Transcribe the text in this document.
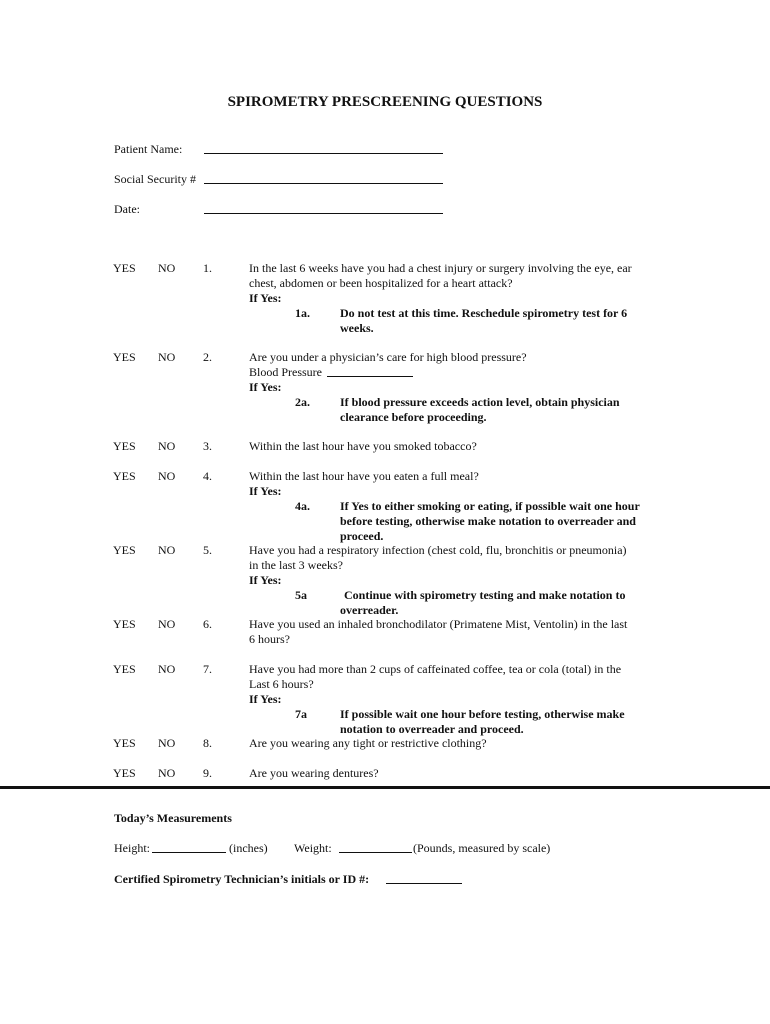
SPIROMETRY PRESCREENING QUESTIONS
Patient Name:
Social Security #
Date:
YES NO 1.	In the last 6 weeks have you had a chest injury or surgery involving the eye, ear
chest, abdomen or been hospitalized for a heart attack?
If Yes:
1a.	Do not test at this time. Reschedule spirometry test for 6
weeks.
YES NO 2.	Are you under a physician’s care for high blood pressure?
Blood Pressure
If Yes:
2a.	If blood pressure exceeds action level, obtain physician
clearance before proceeding.
YES NO 3.	Within the last hour have you smoked tobacco?
YES NO 4.	Within the last hour have you eaten a full meal?
If Yes:
4a.	If Yes to either smoking or eating, if possible wait one hour
before testing, otherwise make notation to overreader and
proceed.
YES NO 5.	Have you had a respiratory infection (chest cold, flu, bronchitis or pneumonia)
in the last 3 weeks?
If Yes:
5a	Continue with spirometry testing and make notation to
overreader.
YES NO 6.	Have you used an inhaled bronchodilator (Primatene Mist, Ventolin) in the last
6 hours?
YES NO 7.	Have you had more than 2 cups of caffeinated coffee, tea or cola (total) in the
Last 6 hours?
If Yes:
7a	If possible wait one hour before testing, otherwise make
notation to overreader and proceed.
YES NO 8.	Are you wearing any tight or restrictive clothing?
YES NO 9.	Are you wearing dentures?
Today’s Measurements
Height:	(inches) Weight:	(Pounds, measured by scale)
Certified Spirometry Technician’s initials or ID #:
